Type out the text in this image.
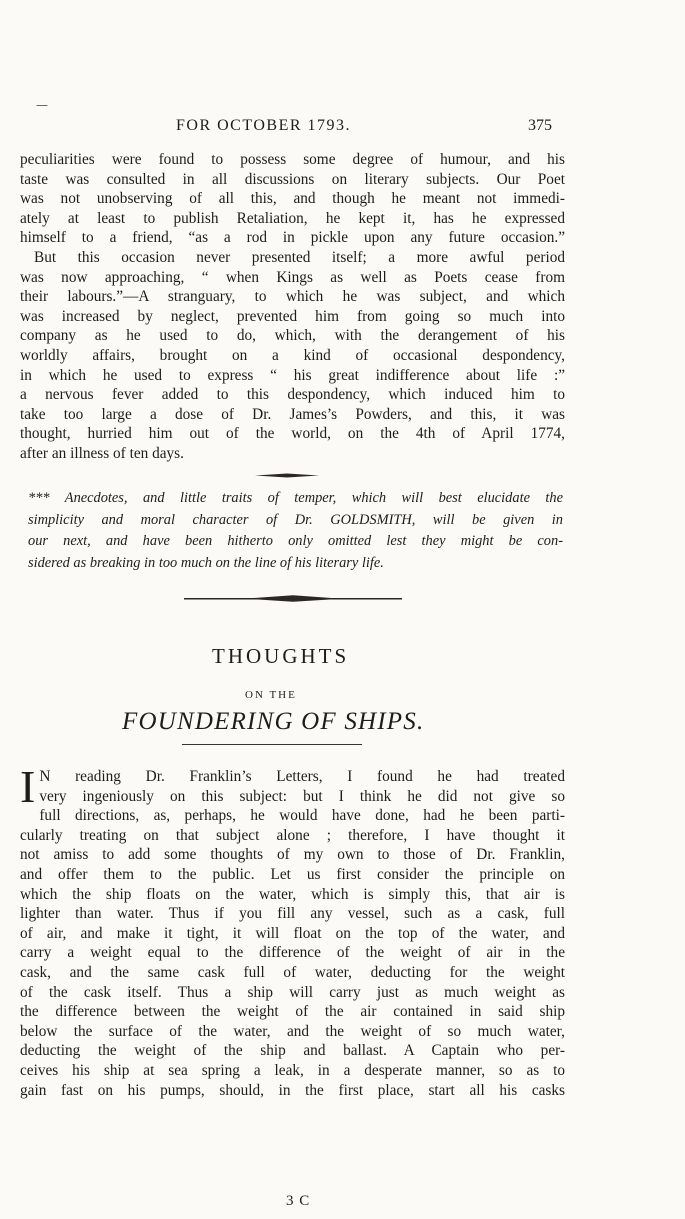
—
FOR OCTOBER 1793.	375
peculiarities were found to possess some degree of humour, and his
taste was consulted in all discussions on literary subjects. Our Poet
was not unobserving of all this, and though he meant not immedi-
ately at least to publish Retaliation, he kept it, has he expressed
himself to a friend, “as a rod in pickle upon any future occasion.”
But this occasion never presented itself; a more awful period
was now approaching, “ when Kings as well as Poets cease from
their labours.”—A stranguary, to which he was subject, and which
was increased by neglect, prevented him from going so much into
company as he used to do, which, with the derangement of his
worldly affairs, brought on a kind of occasional despondency,
in which he used to express “ his great indifference about life :”
a nervous fever added to this despondency, which induced him to
take too large a dose of Dr. James’s Powders, and this, it was
thought, hurried him out of the world, on the 4th of April 1774,
after an illness of ten days.
*** Anecdotes, and little traits of temper, which will best elucidate the
simplicity and moral character of Dr. GOLDSMITH, will be given in
our next, and have been hitherto only omitted lest they might be con-
sidered as breaking in too much on the line of his literary life.
THOUGHTS
ON THE
FOUNDERING OF SHIPS.
I N reading Dr. Franklin’s Letters, I found he had treated
very ingeniously on this subject: but I think he did not give so
full directions, as, perhaps, he would have done, had he been parti-
cularly treating on that subject alone ; therefore, I have thought it
not amiss to add some thoughts of my own to those of Dr. Franklin,
and offer them to the public. Let us first consider the principle on
which the ship floats on the water, which is simply this, that air is
lighter than water. Thus if you fill any vessel, such as a cask, full
of air, and make it tight, it will float on the top of the water, and
carry a weight equal to the difference of the weight of air in the
cask, and the same cask full of water, deducting for the weight
of the cask itself. Thus a ship will carry just as much weight as
the difference between the weight of the air contained in said ship
below the surface of the water, and the weight of so much water,
deducting the weight of the ship and ballast. A Captain who per-
ceives his ship at sea spring a leak, in a desperate manner, so as to
gain fast on his pumps, should, in the first place, start all his casks
3 C
